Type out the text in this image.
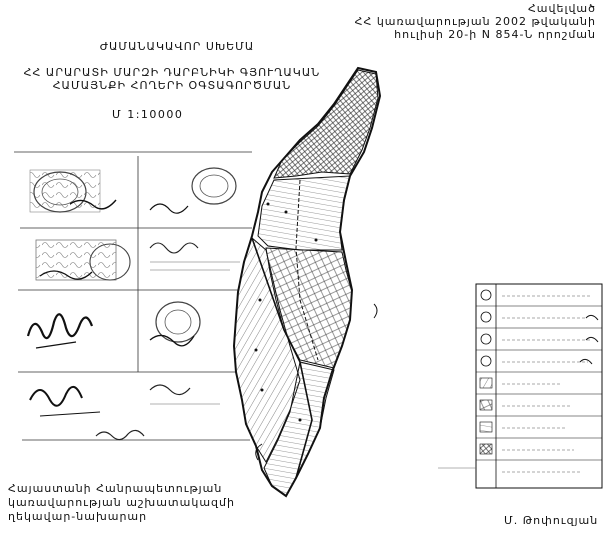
Հավելված
ՀՀ կառավարության 2002 թվականի
հուլիսի 20-ի N 854-Ն որոշման
ԺԱՄԱՆԱԿԱՎՈՐ ՍԽԵՄԱ
ՀՀ ԱՐԱՐԱՏԻ ՄԱՐԶԻ ԴԱՐԲՆԻԿԻ ԳՅՈՒՂԱԿԱՆ
ՀԱՄԱՅՆՔԻ ՀՈՂԵՐԻ ՕԳՏԱԳՈՐԾՄԱՆ
Մ 1:10000
Հայաստանի Հանրապետության
կառավարության աշխատակազմի
ղեկավար-նախարար	Մ. Թոփուզյան
